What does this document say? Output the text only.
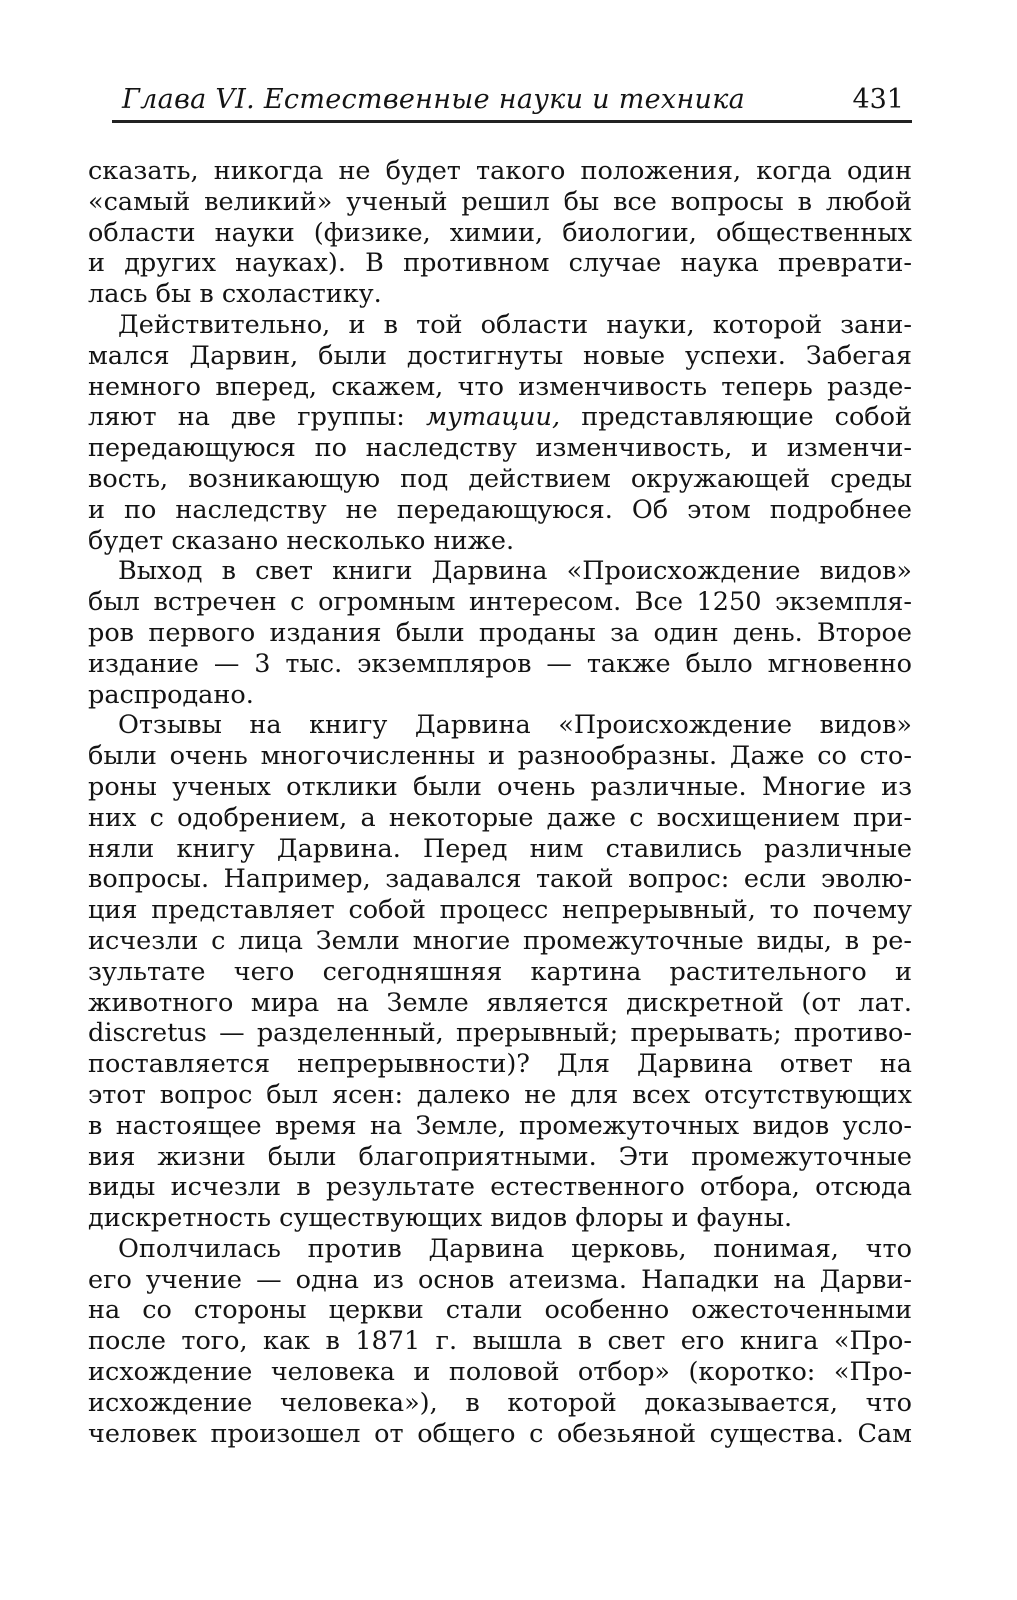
Глава VI. Естественные науки и техника	431
сказать, никогда не будет такого положения, когда один
«самый великий» ученый решил бы все вопросы в любой
области науки (физике, химии, биологии, общественных
и других науках). В противном случае наука преврати-
лась бы в схоластику.
Действительно, и в той области науки, которой зани-
мался Дарвин, были достигнуты новые успехи. Забегая
немного вперед, скажем, что изменчивость теперь разде-
ляют на две группы: мутации, представляющие собой
передающуюся по наследству изменчивость, и изменчи-
вость, возникающую под действием окружающей среды
и по наследству не передающуюся. Об этом подробнее
будет сказано несколько ниже.
Выход в свет книги Дарвина «Происхождение видов»
был встречен с огромным интересом. Все 1250 экземпля-
ров первого издания были проданы за один день. Второе
издание — 3 тыс. экземпляров — также было мгновенно
распродано.
Отзывы на книгу Дарвина «Происхождение видов»
были очень многочисленны и разнообразны. Даже со сто-
роны ученых отклики были очень различные. Многие из
них с одобрением, а некоторые даже с восхищением при-
няли книгу Дарвина. Перед ним ставились различные
вопросы. Например, задавался такой вопрос: если эволю-
ция представляет собой процесс непрерывный, то почему
исчезли с лица Земли многие промежуточные виды, в ре-
зультате чего сегодняшняя картина растительного и
животного мира на Земле является дискретной (от лат.
discretus — разделенный, прерывный; прерывать; противо-
поставляется непрерывности)? Для Дарвина ответ на
этот вопрос был ясен: далеко не для всех отсутствующих
в настоящее время на Земле, промежуточных видов усло-
вия жизни были благоприятными. Эти промежуточные
виды исчезли в результате естественного отбора, отсюда
дискретность существующих видов флоры и фауны.
Ополчилась против Дарвина церковь, понимая, что
его учение — одна из основ атеизма. Нападки на Дарви-
на со стороны церкви стали особенно ожесточенными
после того, как в 1871 г. вышла в свет его книга «Про-
исхождение человека и половой отбор» (коротко: «Про-
исхождение человека»), в которой доказывается, что
человек произошел от общего с обезьяной существа. Сам
